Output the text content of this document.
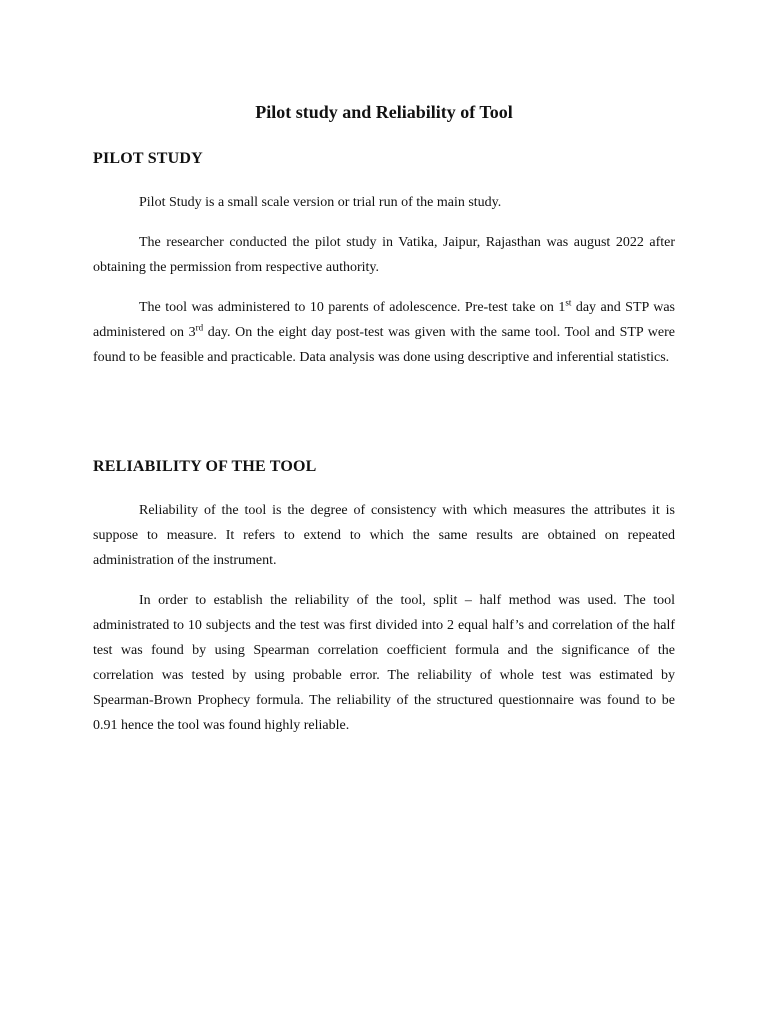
Pilot study and Reliability of Tool
PILOT STUDY

Pilot Study is a small scale version or trial run of the main study.

The researcher conducted the pilot study in Vatika, Jaipur, Rajasthan was august 2022 after obtaining the permission from respective authority.

The tool was administered to 10 parents of adolescence. Pre-test take on 1st day and STP was administered on 3rd day. On the eight day post-test was given with the same tool. Tool and STP were found to be feasible and practicable. Data analysis was done using descriptive and inferential statistics.

RELIABILITY OF THE TOOL

Reliability of the tool is the degree of consistency with which measures the attributes it is suppose to measure. It refers to extend to which the same results are obtained on repeated administration of the instrument.

In order to establish the reliability of the tool, split – half method was used. The tool administrated to 10 subjects and the test was first divided into 2 equal half’s and correlation of the half test was found by using Spearman correlation coefficient formula and the significance of the correlation was tested by using probable error. The reliability of whole test was estimated by Spearman-Brown Prophecy formula. The reliability of the structured questionnaire was found to be 0.91 hence the tool was found highly reliable.
